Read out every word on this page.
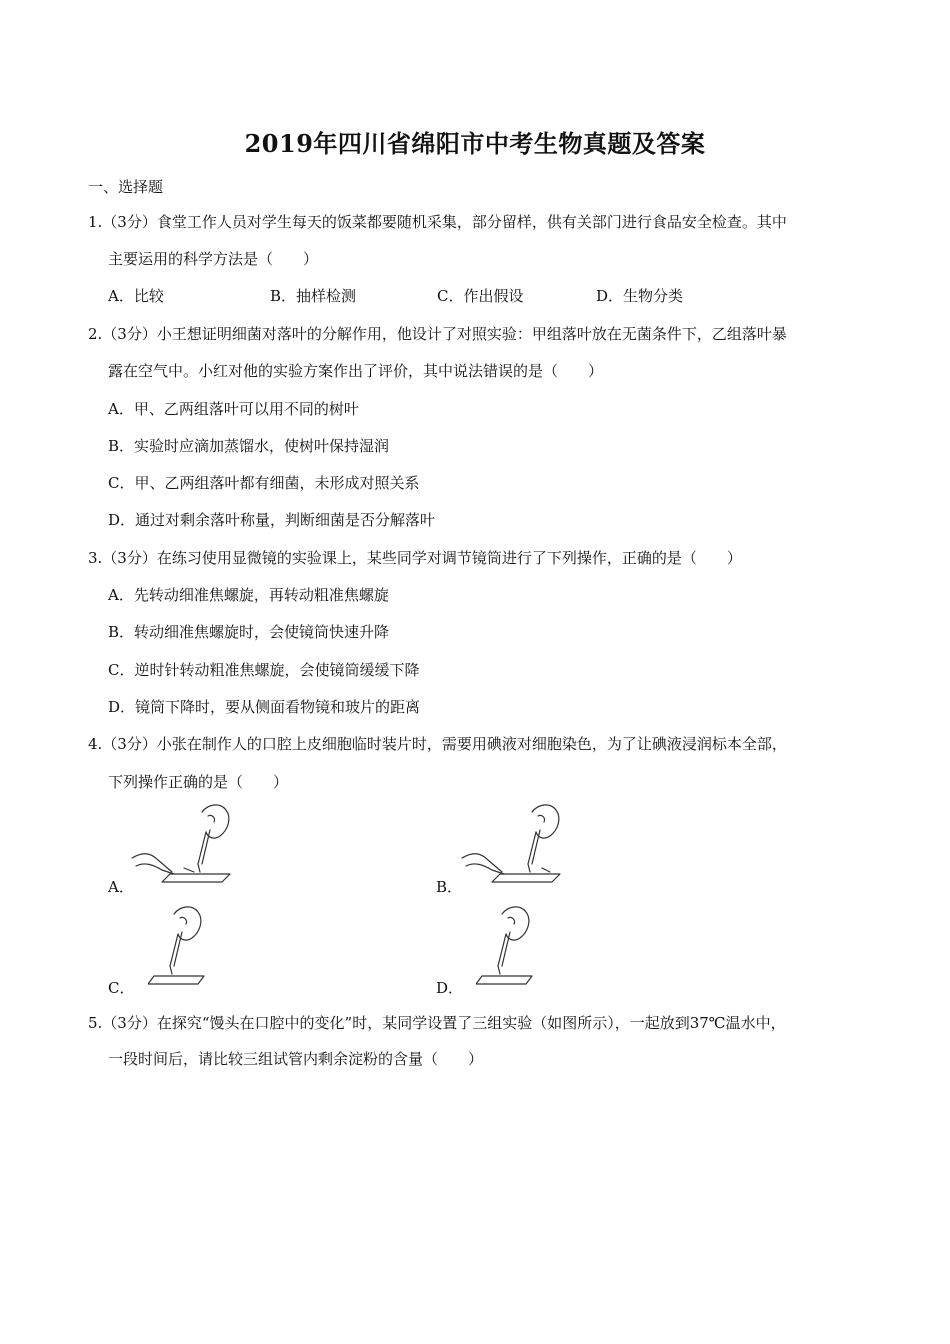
2019年四川省绵阳市中考生物真题及答案
一、选择题
1.（3分）食堂工作人员对学生每天的饭菜都要随机采集，部分留样，供有关部门进行食品安全检查。其中
主要运用的科学方法是（　　）
A．比较	B．抽样检测	C．作出假设	D．生物分类
2.（3分）小王想证明细菌对落叶的分解作用，他设计了对照实验：甲组落叶放在无菌条件下，乙组落叶暴
露在空气中。小红对他的实验方案作出了评价，其中说法错误的是（　　）
A．甲、乙两组落叶可以用不同的树叶
B．实验时应滴加蒸馏水，使树叶保持湿润
C．甲、乙两组落叶都有细菌，未形成对照关系
D．通过对剩余落叶称量，判断细菌是否分解落叶
3.（3分）在练习使用显微镜的实验课上，某些同学对调节镜筒进行了下列操作，正确的是（　　）
A．先转动细准焦螺旋，再转动粗准焦螺旋
B．转动细准焦螺旋时，会使镜筒快速升降
C．逆时针转动粗准焦螺旋，会使镜筒缓缓下降
D．镜筒下降时，要从侧面看物镜和玻片的距离
4.（3分）小张在制作人的口腔上皮细胞临时装片时，需要用碘液对细胞染色，为了让碘液浸润标本全部，
下列操作正确的是（　　）
A．	B．
C．	D．
5.（3分）在探究“馒头在口腔中的变化”时，某同学设置了三组实验（如图所示），一起放到37℃温水中，
一段时间后，请比较三组试管内剩余淀粉的含量（　　）
